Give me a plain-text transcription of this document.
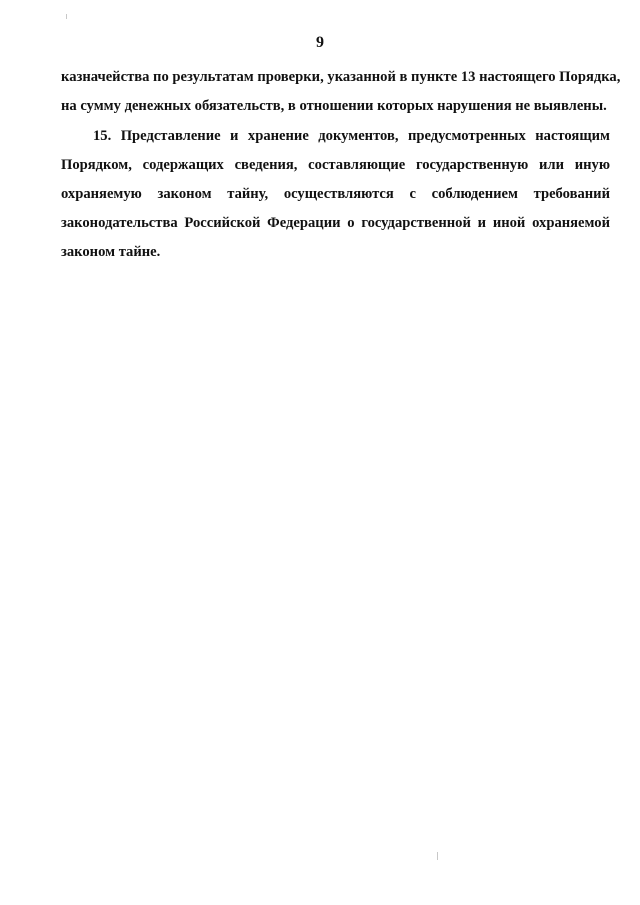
9
казначейства по результатам проверки, указанной в пункте 13 настоящего Порядка,
на сумму денежных обязательств, в отношении которых нарушения не выявлены.
15. Представление и хранение документов, предусмотренных настоящим
Порядком, содержащих сведения, составляющие государственную или иную
охраняемую законом тайну, осуществляются с соблюдением требований
законодательства Российской Федерации о государственной и иной охраняемой
законом тайне.
